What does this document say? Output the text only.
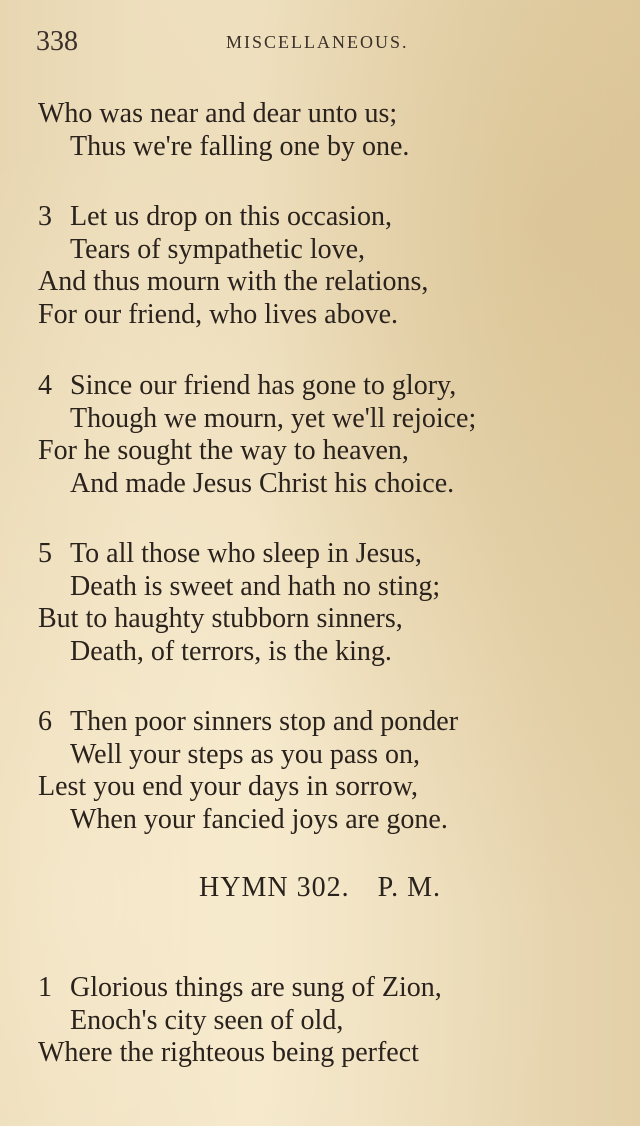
338	MISCELLANEOUS.
Who was near and dear unto us;
Thus we're falling one by one.
3 Let us drop on this occasion,
Tears of sympathetic love,
And thus mourn with the relations,
For our friend, who lives above.
4 Since our friend has gone to glory,
Though we mourn, yet we'll rejoice;
For he sought the way to heaven,
And made Jesus Christ his choice.
5 To all those who sleep in Jesus,
Death is sweet and hath no sting;
But to haughty stubborn sinners,
Death, of terrors, is the king.
6 Then poor sinners stop and ponder
Well your steps as you pass on,
Lest you end your days in sorrow,
When your fancied joys are gone.
HYMN 302. P. M.
1 Glorious things are sung of Zion,
Enoch's city seen of old,
Where the righteous being perfect
